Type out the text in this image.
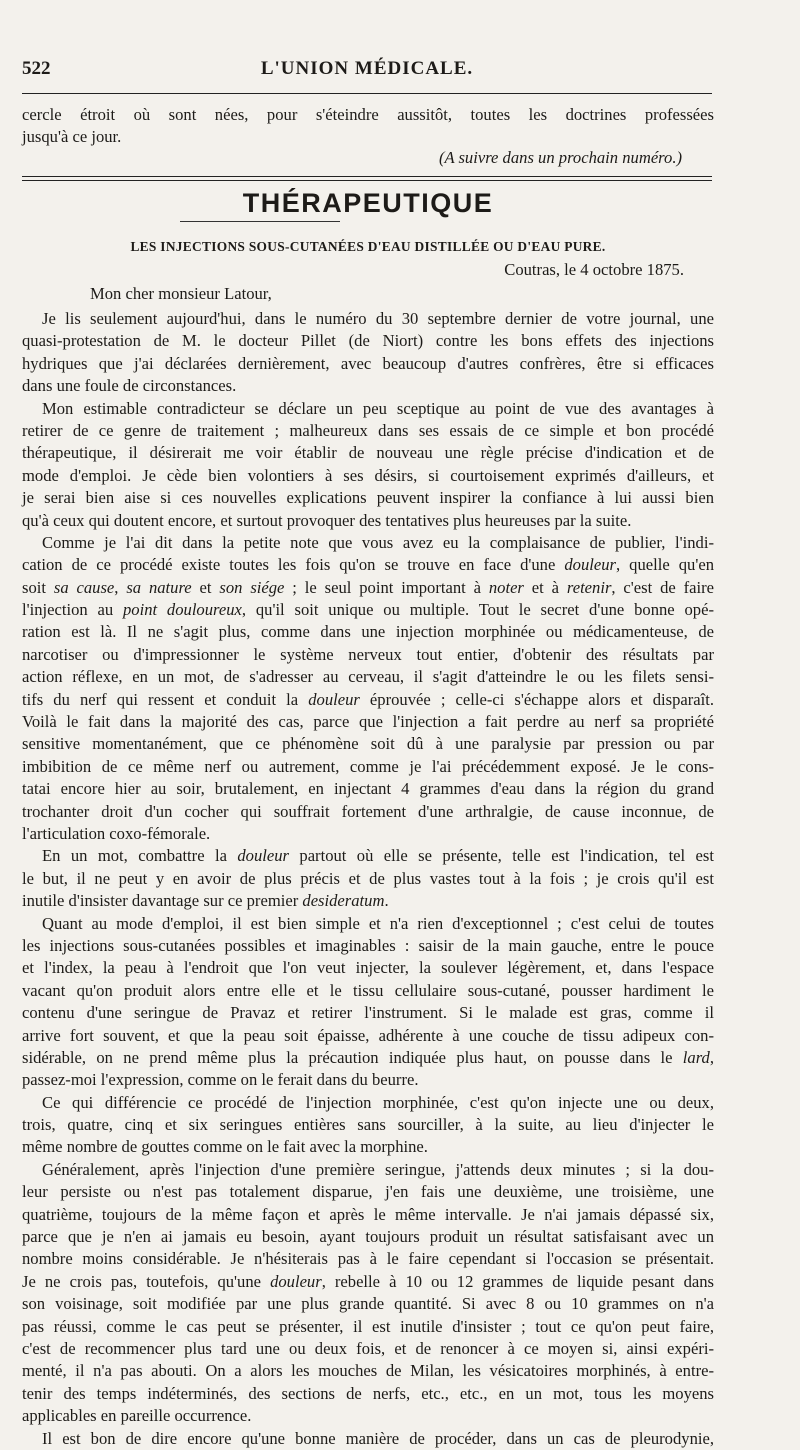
522	L'UNION MÉDICALE.
cercle étroit où sont nées, pour s'éteindre aussitôt, toutes les doctrines professées
jusqu'à ce jour.
(A suivre dans un prochain numéro.)
THÉRAPEUTIQUE
LES INJECTIONS SOUS-CUTANÉES D'EAU DISTILLÉE OU D'EAU PURE.
Coutras, le 4 octobre 1875.
Mon cher monsieur Latour,
Je lis seulement aujourd'hui, dans le numéro du 30 septembre dernier de votre journal, une
quasi-protestation de M. le docteur Pillet (de Niort) contre les bons effets des injections
hydriques que j'ai déclarées dernièrement, avec beaucoup d'autres confrères, être si efficaces
dans une foule de circonstances.
Mon estimable contradicteur se déclare un peu sceptique au point de vue des avantages à
retirer de ce genre de traitement ; malheureux dans ses essais de ce simple et bon procédé
thérapeutique, il désirerait me voir établir de nouveau une règle précise d'indication et de
mode d'emploi. Je cède bien volontiers à ses désirs, si courtoisement exprimés d'ailleurs, et
je serai bien aise si ces nouvelles explications peuvent inspirer la confiance à lui aussi bien
qu'à ceux qui doutent encore, et surtout provoquer des tentatives plus heureuses par la suite.
Comme je l'ai dit dans la petite note que vous avez eu la complaisance de publier, l'indi-
cation de ce procédé existe toutes les fois qu'on se trouve en face d'une douleur, quelle qu'en
soit sa cause, sa nature et son siége ; le seul point important à noter et à retenir, c'est de faire
l'injection au point douloureux, qu'il soit unique ou multiple. Tout le secret d'une bonne opé-
ration est là. Il ne s'agit plus, comme dans une injection morphinée ou médicamenteuse, de
narcotiser ou d'impressionner le système nerveux tout entier, d'obtenir des résultats par
action réflexe, en un mot, de s'adresser au cerveau, il s'agit d'atteindre le ou les filets sensi-
tifs du nerf qui ressent et conduit la douleur éprouvée ; celle-ci s'échappe alors et disparaît.
Voilà le fait dans la majorité des cas, parce que l'injection a fait perdre au nerf sa propriété
sensitive momentanément, que ce phénomène soit dû à une paralysie par pression ou par
imbibition de ce même nerf ou autrement, comme je l'ai précédemment exposé. Je le cons-
tatai encore hier au soir, brutalement, en injectant 4 grammes d'eau dans la région du grand
trochanter droit d'un cocher qui souffrait fortement d'une arthralgie, de cause inconnue, de
l'articulation coxo-fémorale.
En un mot, combattre la douleur partout où elle se présente, telle est l'indication, tel est
le but, il ne peut y en avoir de plus précis et de plus vastes tout à la fois ; je crois qu'il est
inutile d'insister davantage sur ce premier desideratum.
Quant au mode d'emploi, il est bien simple et n'a rien d'exceptionnel ; c'est celui de toutes
les injections sous-cutanées possibles et imaginables : saisir de la main gauche, entre le pouce
et l'index, la peau à l'endroit que l'on veut injecter, la soulever légèrement, et, dans l'espace
vacant qu'on produit alors entre elle et le tissu cellulaire sous-cutané, pousser hardiment le
contenu d'une seringue de Pravaz et retirer l'instrument. Si le malade est gras, comme il
arrive fort souvent, et que la peau soit épaisse, adhérente à une couche de tissu adipeux con-
sidérable, on ne prend même plus la précaution indiquée plus haut, on pousse dans le lard,
passez-moi l'expression, comme on le ferait dans du beurre.
Ce qui différencie ce procédé de l'injection morphinée, c'est qu'on injecte une ou deux,
trois, quatre, cinq et six seringues entières sans sourciller, à la suite, au lieu d'injecter le
même nombre de gouttes comme on le fait avec la morphine.
Généralement, après l'injection d'une première seringue, j'attends deux minutes ; si la dou-
leur persiste ou n'est pas totalement disparue, j'en fais une deuxième, une troisième, une
quatrième, toujours de la même façon et après le même intervalle. Je n'ai jamais dépassé six,
parce que je n'en ai jamais eu besoin, ayant toujours produit un résultat satisfaisant avec un
nombre moins considérable. Je n'hésiterais pas à le faire cependant si l'occasion se présentait.
Je ne crois pas, toutefois, qu'une douleur, rebelle à 10 ou 12 grammes de liquide pesant dans
son voisinage, soit modifiée par une plus grande quantité. Si avec 8 ou 10 grammes on n'a
pas réussi, comme le cas peut se présenter, il est inutile d'insister ; tout ce qu'on peut faire,
c'est de recommencer plus tard une ou deux fois, et de renoncer à ce moyen si, ainsi expéri-
menté, il n'a pas abouti. On a alors les mouches de Milan, les vésicatoires morphinés, à entre-
tenir des temps indéterminés, des sections de nerfs, etc., etc., en un mot, tous les moyens
applicables en pareille occurrence.
Il est bon de dire encore qu'une bonne manière de procéder, dans un cas de pleurodynie,
